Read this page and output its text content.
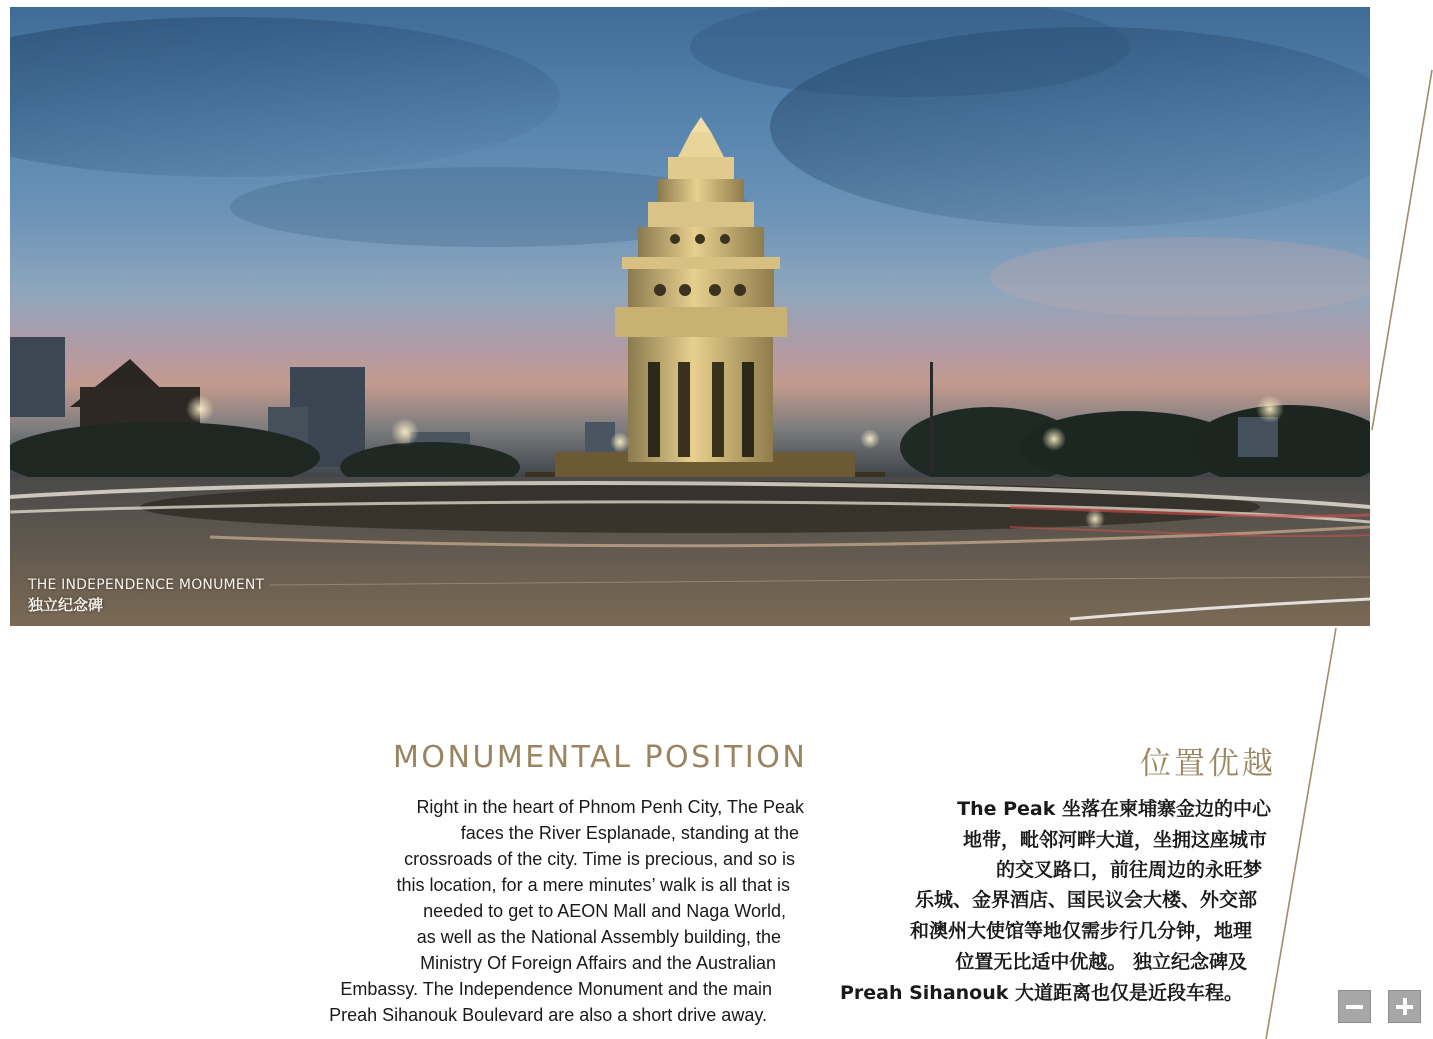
THE INDEPENDENCE MONUMENT
独立纪念碑
MONUMENTAL POSITION
Right in the heart of Phnom Penh City, The Peak
faces the River Esplanade, standing at the
crossroads of the city. Time is precious, and so is
this location, for a mere minutes’ walk is all that is
needed to get to AEON Mall and Naga World,
as well as the National Assembly building, the
Ministry Of Foreign Affairs and the Australian
Embassy. The Independence Monument and the main
Preah Sihanouk Boulevard are also a short drive away.
位置优越
The Peak 坐落在柬埔寨金边的中心
地带，毗邻河畔大道，坐拥这座城市
的交叉路口，前往周边的永旺梦
乐城、金界酒店、国民议会大楼、外交部
和澳州大使馆等地仅需步行几分钟，地理
位置无比适中优越。 独立纪念碑及
Preah Sihanouk 大道距离也仅是近段车程。
